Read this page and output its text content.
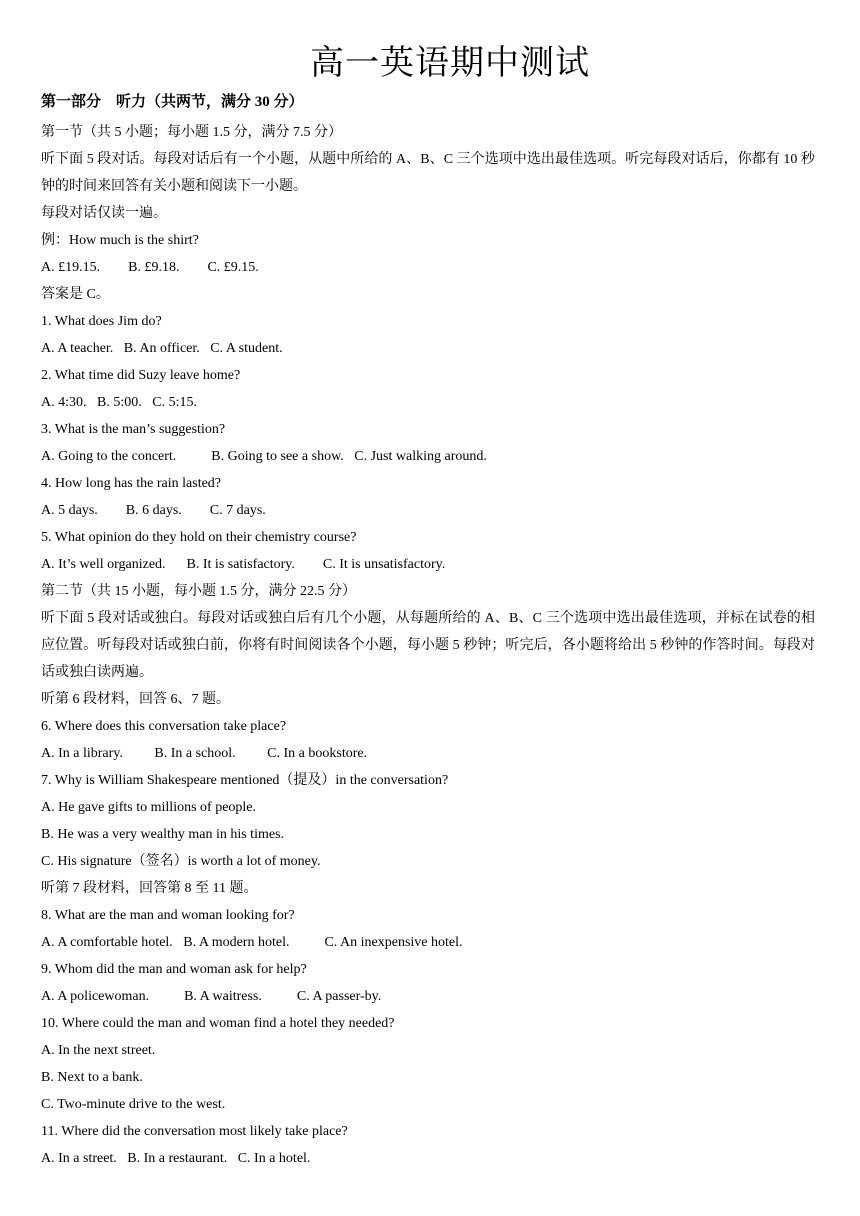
高一英语期中测试
第一部分　听力（共两节，满分 30 分）
第一节（共 5 小题；每小题 1.5 分，满分 7.5 分）
听下面 5 段对话。每段对话后有一个小题，从题中所给的 A、B、C 三个选项中选出最佳选项。听完每段对话后，你都有 10 秒钟的时间来回答有关小题和阅读下一小题。
每段对话仅读一遍。
例：How much is the shirt?
A. £19.15.        B. £9.18.        C. £9.15.
答案是 C。
1. What does Jim do?
A. A teacher.   B. An officer.   C. A student.
2. What time did Suzy leave home?
A. 4:30.   B. 5:00.   C. 5:15.
3. What is the man’s suggestion?
A. Going to the concert.          B. Going to see a show.   C. Just walking around.
4. How long has the rain lasted?
A. 5 days.        B. 6 days.        C. 7 days.
5. What opinion do they hold on their chemistry course?
A. It’s well organized.      B. It is satisfactory.        C. It is unsatisfactory.
第二节（共 15 小题，每小题 1.5 分，满分 22.5 分）
听下面 5 段对话或独白。每段对话或独白后有几个小题，从每题所给的 A、B、C 三个选项中选出最佳选项，并标在试卷的相应位置。听每段对话或独白前，你将有时间阅读各个小题，每小题 5 秒钟；听完后，各小题将给出 5 秒钟的作答时间。每段对话或独白读两遍。
听第 6 段材料，回答 6、7 题。
6. Where does this conversation take place?
A. In a library.         B. In a school.         C. In a bookstore.
7. Why is William Shakespeare mentioned（提及）in the conversation?
A. He gave gifts to millions of people.
B. He was a very wealthy man in his times.
C. His signature（签名）is worth a lot of money.
听第 7 段材料，回答第 8 至 11 题。
8. What are the man and woman looking for?
A. A comfortable hotel.   B. A modern hotel.          C. An inexpensive hotel.
9. Whom did the man and woman ask for help?
A. A policewoman.          B. A waitress.          C. A passer-by.
10. Where could the man and woman find a hotel they needed?
A. In the next street.
B. Next to a bank.
C. Two-minute drive to the west.
11. Where did the conversation most likely take place?
A. In a street.   B. In a restaurant.   C. In a hotel.
